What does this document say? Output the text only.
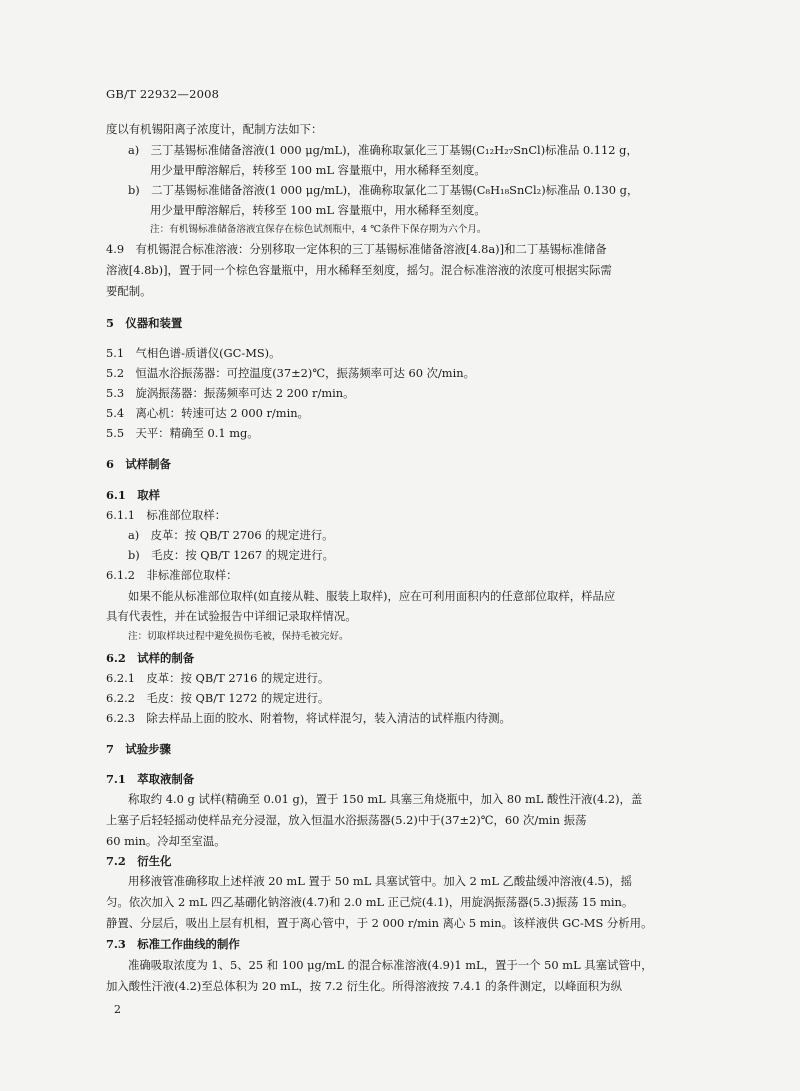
GB/T 22932—2008

度以有机锡阳离子浓度计，配制方法如下：

a)　三丁基锡标准储备溶液(1 000 μg/mL)，准确称取氯化三丁基锡(C₁₂H₂₇SnCl)标准品 0.112 g，

用少量甲醇溶解后，转移至 100 mL 容量瓶中，用水稀释至刻度。

b)　二丁基锡标准储备溶液(1 000 μg/mL)，准确称取氯化二丁基锡(C₈H₁₈SnCl₂)标准品 0.130 g，

用少量甲醇溶解后，转移至 100 mL 容量瓶中，用水稀释至刻度。

注：有机锡标准储备溶液宜保存在棕色试剂瓶中，4 ℃条件下保存期为六个月。

4.9　有机锡混合标准溶液：分别移取一定体积的三丁基锡标准储备溶液[4.8a)]和二丁基锡标准储备

溶液[4.8b)]，置于同一个棕色容量瓶中，用水稀释至刻度，摇匀。混合标准溶液的浓度可根据实际需

要配制。

5　仪器和装置

5.1　气相色谱-质谱仪(GC-MS)。

5.2　恒温水浴振荡器：可控温度(37±2)℃，振荡频率可达 60 次/min。

5.3　旋涡振荡器：振荡频率可达 2 200 r/min。

5.4　离心机：转速可达 2 000 r/min。

5.5　天平：精确至 0.1 mg。

6　试样制备

6.1　取样

6.1.1　标准部位取样：

a)　皮革：按 QB/T 2706 的规定进行。

b)　毛皮：按 QB/T 1267 的规定进行。

6.1.2　非标准部位取样：

如果不能从标准部位取样(如直接从鞋、服装上取样)，应在可利用面积内的任意部位取样，样品应

具有代表性，并在试验报告中详细记录取样情况。

注：切取样块过程中避免损伤毛被，保持毛被完好。

6.2　试样的制备

6.2.1　皮革：按 QB/T 2716 的规定进行。

6.2.2　毛皮：按 QB/T 1272 的规定进行。

6.2.3　除去样品上面的胶水、附着物，将试样混匀，装入清洁的试样瓶内待测。

7　试验步骤

7.1　萃取液制备

称取约 4.0 g 试样(精确至 0.01 g)，置于 150 mL 具塞三角烧瓶中，加入 80 mL 酸性汗液(4.2)，盖

上塞子后轻轻摇动使样品充分浸湿，放入恒温水浴振荡器(5.2)中于(37±2)℃，60 次/min 振荡

60 min。冷却至室温。

7.2　衍生化

用移液管准确移取上述样液 20 mL 置于 50 mL 具塞试管中。加入 2 mL 乙酸盐缓冲溶液(4.5)，摇

匀。依次加入 2 mL 四乙基硼化钠溶液(4.7)和 2.0 mL 正己烷(4.1)，用旋涡振荡器(5.3)振荡 15 min。

静置、分层后，吸出上层有机相，置于离心管中，于 2 000 r/min 离心 5 min。该样液供 GC-MS 分析用。

7.3　标准工作曲线的制作

准确吸取浓度为 1、5、25 和 100 μg/mL 的混合标准溶液(4.9)1 mL，置于一个 50 mL 具塞试管中，

加入酸性汗液(4.2)至总体积为 20 mL，按 7.2 衍生化。所得溶液按 7.4.1 的条件测定，以峰面积为纵

2
